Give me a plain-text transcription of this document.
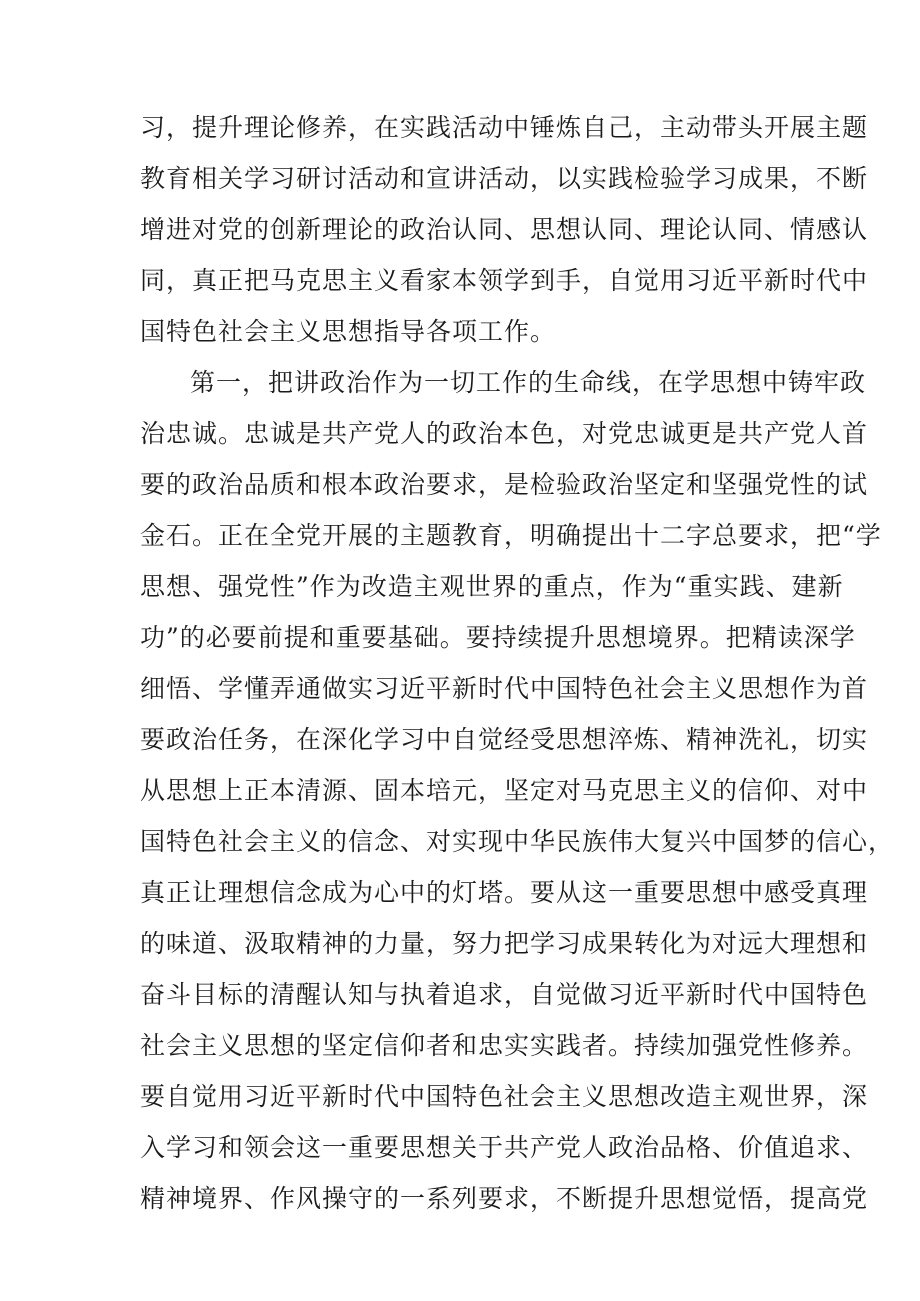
习，提升理论修养，在实践活动中锤炼自己，主动带头开展主题
教育相关学习研讨活动和宣讲活动，以实践检验学习成果，不断
增进对党的创新理论的政治认同、思想认同、理论认同、情感认
同，真正把马克思主义看家本领学到手，自觉用习近平新时代中
国特色社会主义思想指导各项工作。
第一，把讲政治作为一切工作的生命线，在学思想中铸牢政
治忠诚。忠诚是共产党人的政治本色，对党忠诚更是共产党人首
要的政治品质和根本政治要求，是检验政治坚定和坚强党性的试
金石。正在全党开展的主题教育，明确提出十二字总要求，把“学
思想、强党性”作为改造主观世界的重点，作为“重实践、建新
功”的必要前提和重要基础。要持续提升思想境界。把精读深学
细悟、学懂弄通做实习近平新时代中国特色社会主义思想作为首
要政治任务，在深化学习中自觉经受思想淬炼、精神洗礼，切实
从思想上正本清源、固本培元，坚定对马克思主义的信仰、对中
国特色社会主义的信念、对实现中华民族伟大复兴中国梦的信心，
真正让理想信念成为心中的灯塔。要从这一重要思想中感受真理
的味道、汲取精神的力量，努力把学习成果转化为对远大理想和
奋斗目标的清醒认知与执着追求，自觉做习近平新时代中国特色
社会主义思想的坚定信仰者和忠实实践者。持续加强党性修养。
要自觉用习近平新时代中国特色社会主义思想改造主观世界，深
入学习和领会这一重要思想关于共产党人政治品格、价值追求、
精神境界、作风操守的一系列要求，不断提升思想觉悟，提高党
